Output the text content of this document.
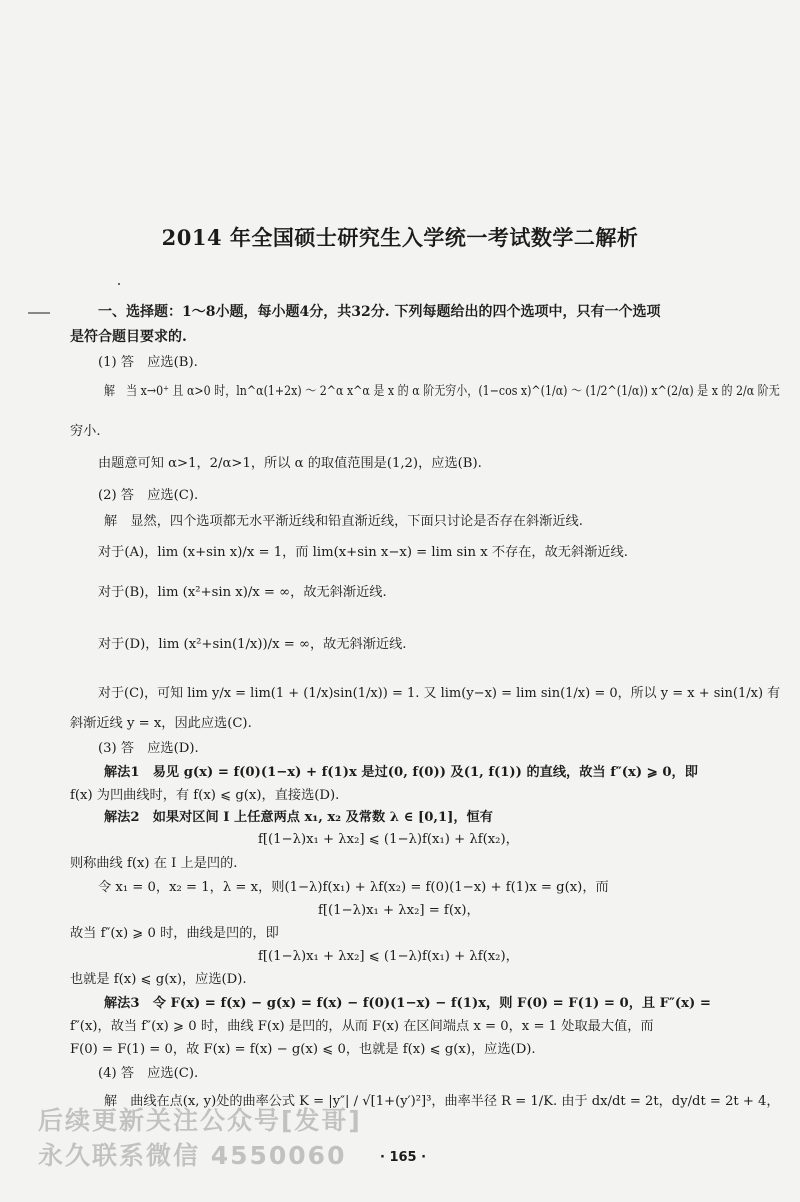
2014 年全国硕士研究生入学统一考试数学二解析
一、选择题：1～8小题，每小题4分，共32分. 下列每题给出的四个选项中，只有一个选项
是符合题目要求的.
(1) 答　应选(B).
解　当 x→0⁺ 且 α>0 时，ln^α(1+2x) ～ 2^α x^α 是 x 的 α 阶无穷小，(1−cos x)^(1/α) ～ (1/2^(1/α)) x^(2/α) 是 x 的 2/α 阶无
穷小.
由题意可知 α>1，2/α>1，所以 α 的取值范围是(1,2)，应选(B).
(2) 答　应选(C).
解　显然，四个选项都无水平渐近线和铅直渐近线，下面只讨论是否存在斜渐近线.
对于(A)，lim (x+sin x)/x = 1，而 lim(x+sin x−x) = lim sin x 不存在，故无斜渐近线.
对于(B)，lim (x²+sin x)/x = ∞，故无斜渐近线.
对于(D)，lim (x²+sin(1/x))/x = ∞，故无斜渐近线.
对于(C)，可知 lim y/x = lim(1 + (1/x)sin(1/x)) = 1. 又 lim(y−x) = lim sin(1/x) = 0，所以 y = x + sin(1/x) 有
斜渐近线 y = x，因此应选(C).
(3) 答　应选(D).
解法1　易见 g(x) = f(0)(1−x) + f(1)x 是过(0, f(0)) 及(1, f(1)) 的直线，故当 f″(x) ⩾ 0，即
f(x) 为凹曲线时，有 f(x) ⩽ g(x)，直接选(D).
解法2　如果对区间 I 上任意两点 x₁, x₂ 及常数 λ ∈ [0,1]，恒有
f[(1−λ)x₁ + λx₂] ⩽ (1−λ)f(x₁) + λf(x₂)，
则称曲线 f(x) 在 I 上是凹的.
令 x₁ = 0，x₂ = 1，λ = x，则(1−λ)f(x₁) + λf(x₂) = f(0)(1−x) + f(1)x = g(x)，而
f[(1−λ)x₁ + λx₂] = f(x)，
故当 f″(x) ⩾ 0 时，曲线是凹的，即
f[(1−λ)x₁ + λx₂] ⩽ (1−λ)f(x₁) + λf(x₂)，
也就是 f(x) ⩽ g(x)，应选(D).
解法3　令 F(x) = f(x) − g(x) = f(x) − f(0)(1−x) − f(1)x，则 F(0) = F(1) = 0，且 F″(x) =
f″(x)，故当 f″(x) ⩾ 0 时，曲线 F(x) 是凹的，从而 F(x) 在区间端点 x = 0，x = 1 处取最大值，而
F(0) = F(1) = 0，故 F(x) = f(x) − g(x) ⩽ 0，也就是 f(x) ⩽ g(x)，应选(D).
(4) 答　应选(C).
解　曲线在点(x, y)处的曲率公式 K = |y″| / √[1+(y′)²]³，曲率半径 R = 1/K. 由于 dx/dt = 2t，dy/dt = 2t + 4，
后续更新关注公众号[发哥]
永久联系微信 4550060	· 165 ·
